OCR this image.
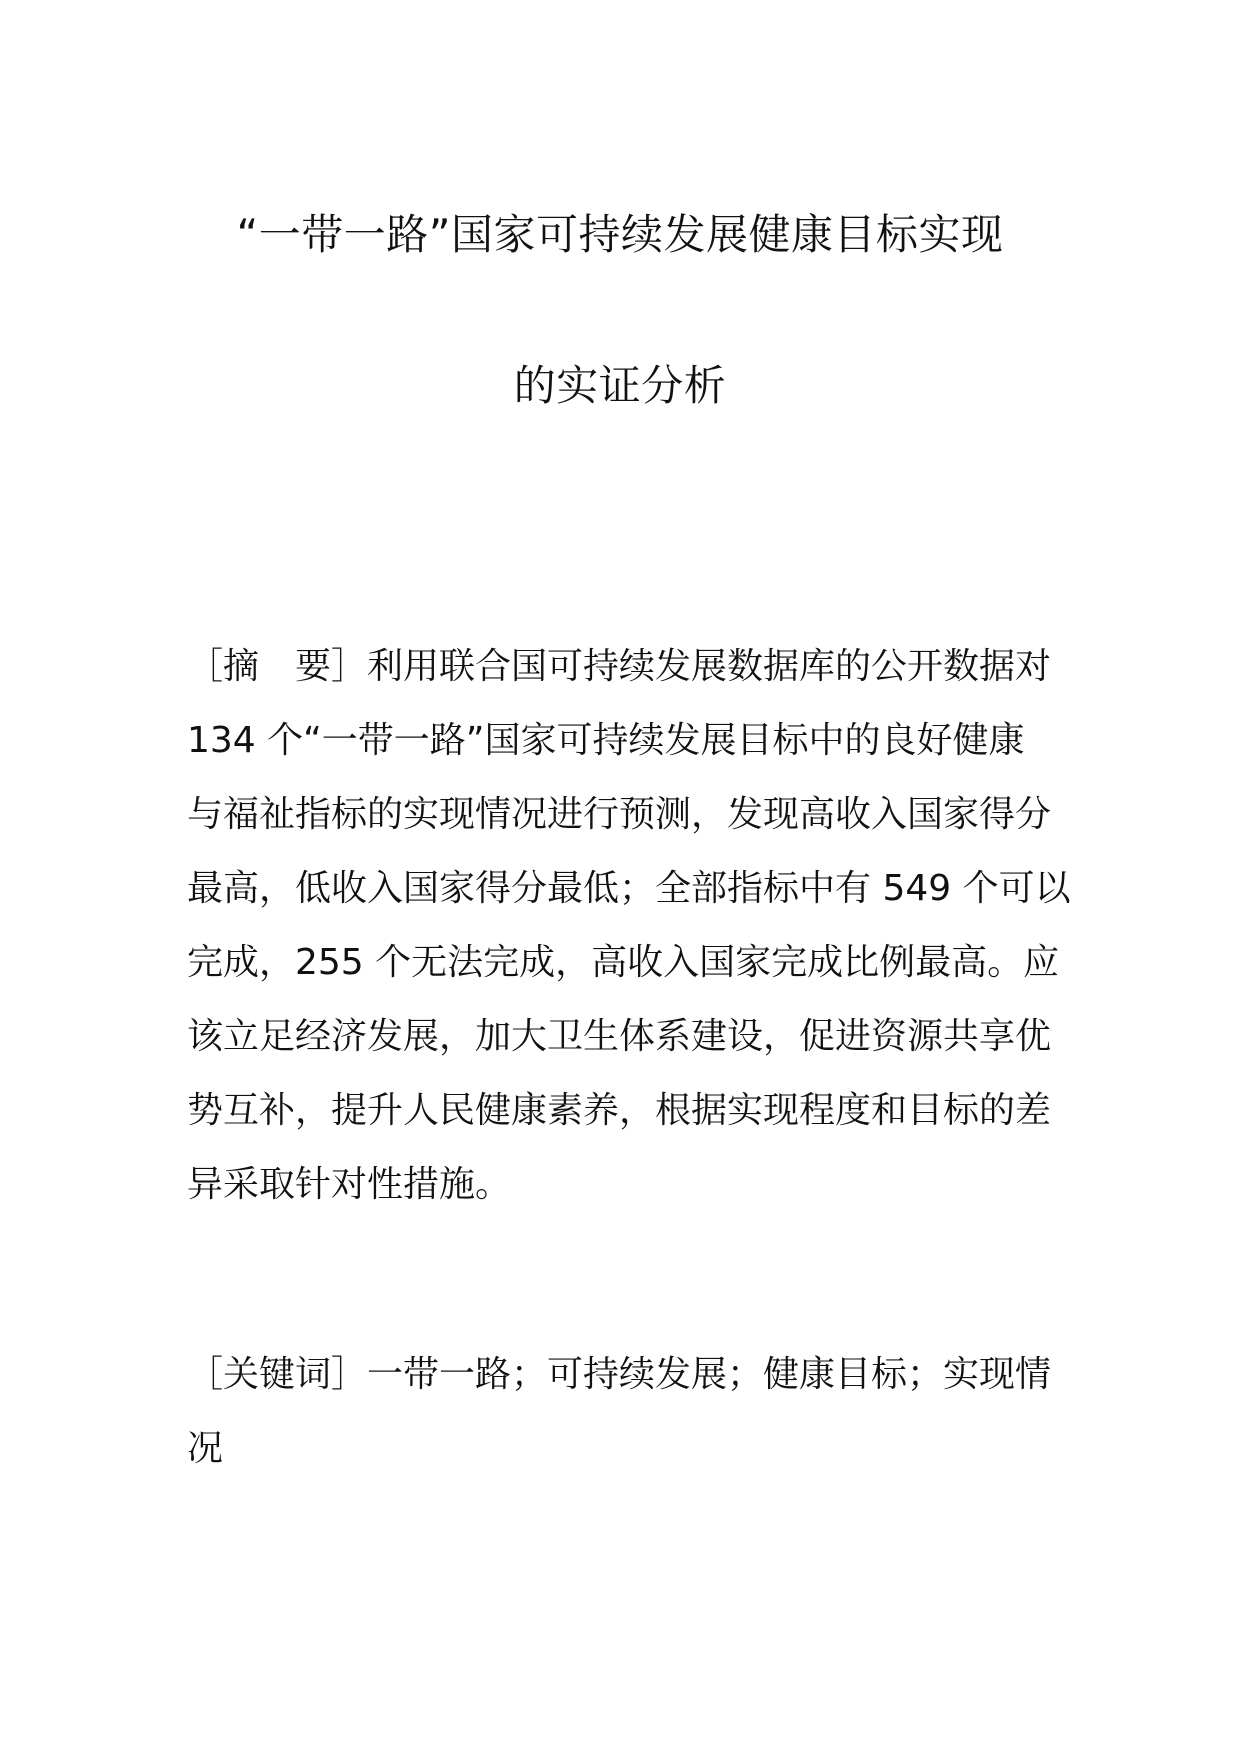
“一带一路”国家可持续发展健康目标实现
的实证分析
［摘　要］利用联合国可持续发展数据库的公开数据对
134 个“一带一路”国家可持续发展目标中的良好健康
与福祉指标的实现情况进行预测，发现高收入国家得分
最高，低收入国家得分最低；全部指标中有 549 个可以
完成，255 个无法完成，高收入国家完成比例最高。应
该立足经济发展，加大卫生体系建设，促进资源共享优
势互补，提升人民健康素养，根据实现程度和目标的差
异采取针对性措施。
［关键词］一带一路；可持续发展；健康目标；实现情
况
